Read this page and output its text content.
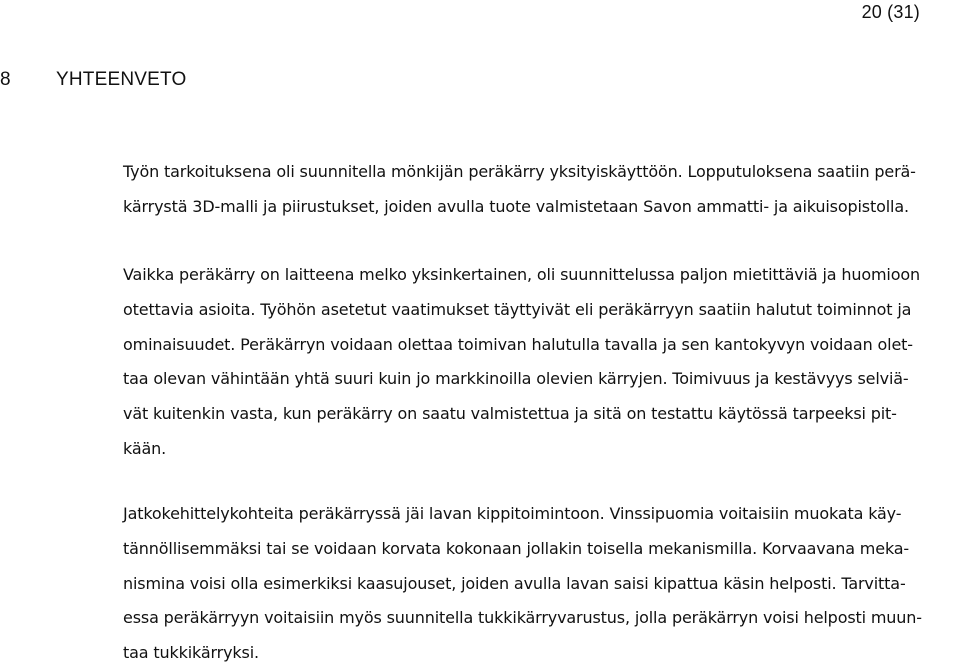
20 (31)
8 YHTEENVETO
Työn tarkoituksena oli suunnitella mönkijän peräkärry yksityiskäyttöön. Lopputuloksena saatiin perä-
kärrystä 3D-malli ja piirustukset, joiden avulla tuote valmistetaan Savon ammatti- ja aikuisopistolla.
Vaikka peräkärry on laitteena melko yksinkertainen, oli suunnittelussa paljon mietittäviä ja huomioon
otettavia asioita. Työhön asetetut vaatimukset täyttyivät eli peräkärryyn saatiin halutut toiminnot ja
ominaisuudet. Peräkärryn voidaan olettaa toimivan halutulla tavalla ja sen kantokyvyn voidaan olet-
taa olevan vähintään yhtä suuri kuin jo markkinoilla olevien kärryjen. Toimivuus ja kestävyys selviä-
vät kuitenkin vasta, kun peräkärry on saatu valmistettua ja sitä on testattu käytössä tarpeeksi pit-
kään.
Jatkokehittelykohteita peräkärryssä jäi lavan kippitoimintoon. Vinssipuomia voitaisiin muokata käy-
tännöllisemmäksi tai se voidaan korvata kokonaan jollakin toisella mekanismilla. Korvaavana meka-
nismina voisi olla esimerkiksi kaasujouset, joiden avulla lavan saisi kipattua käsin helposti. Tarvitta-
essa peräkärryyn voitaisiin myös suunnitella tukkikärryvarustus, jolla peräkärryn voisi helposti muun-
taa tukkikärryksi.
